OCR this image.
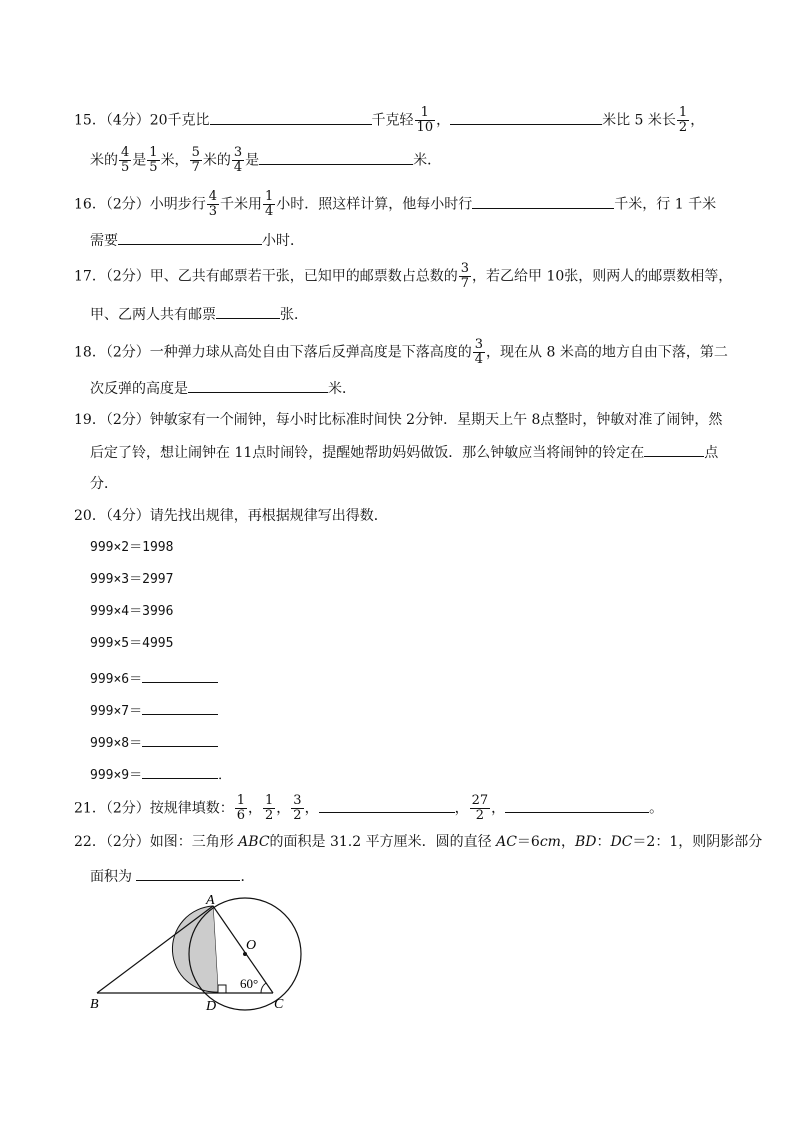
15．（4分）20千克比	千克轻 $\frac{1}{10}$ ，	米比 5 米长 $\frac{1}{2}$ ，
米的 $\frac{4}{5}$ 是 $\frac{1}{5}$ 米， $\frac{5}{7}$ 米的 $\frac{3}{4}$ 是	米．
16．（2分）小明步行 $\frac{4}{3}$ 千米用 $\frac{1}{4}$ 小时．照这样计算，他每小时行	千米，行 1 千米
需要	小时．
17．（2分）甲、乙共有邮票若干张，已知甲的邮票数占总数的 $\frac{3}{7}$ ，若乙给甲 10张，则两人的邮票数相等，
甲、乙两人共有邮票	张．
18．（2分）一种弹力球从高处自由下落后反弹高度是下落高度的 $\frac{3}{4}$ ，现在从 8 米高的地方自由下落，第二
次反弹的高度是	米．
19．（2分）钟敏家有一个闹钟，每小时比标准时间快 2分钟．星期天上午 8点整时，钟敏对准了闹钟，然
后定了铃，想让闹钟在 11点时闹铃，提醒她帮助妈妈做饭．那么钟敏应当将闹钟的铃定在	点
分．
20．（4分）请先找出规律，再根据规律写出得数．
999×2＝1998
999×3＝2997
999×4＝3996
999×5＝4995
999×6＝
999×7＝
999×8＝
999×9＝	．
21．（2分）按规律填数： $\frac{1}{6}$ ， $\frac{1}{2}$ ， $\frac{3}{2}$ ，	， $\frac{27}{2}$ ，	。
22．（2分）如图：三角形 ABC的面积是 31.2 平方厘米．圆的直径 AC＝6cm，BD：DC＝2：1，则阴影部分
面积为	．
A
B	C
D
O
60°
